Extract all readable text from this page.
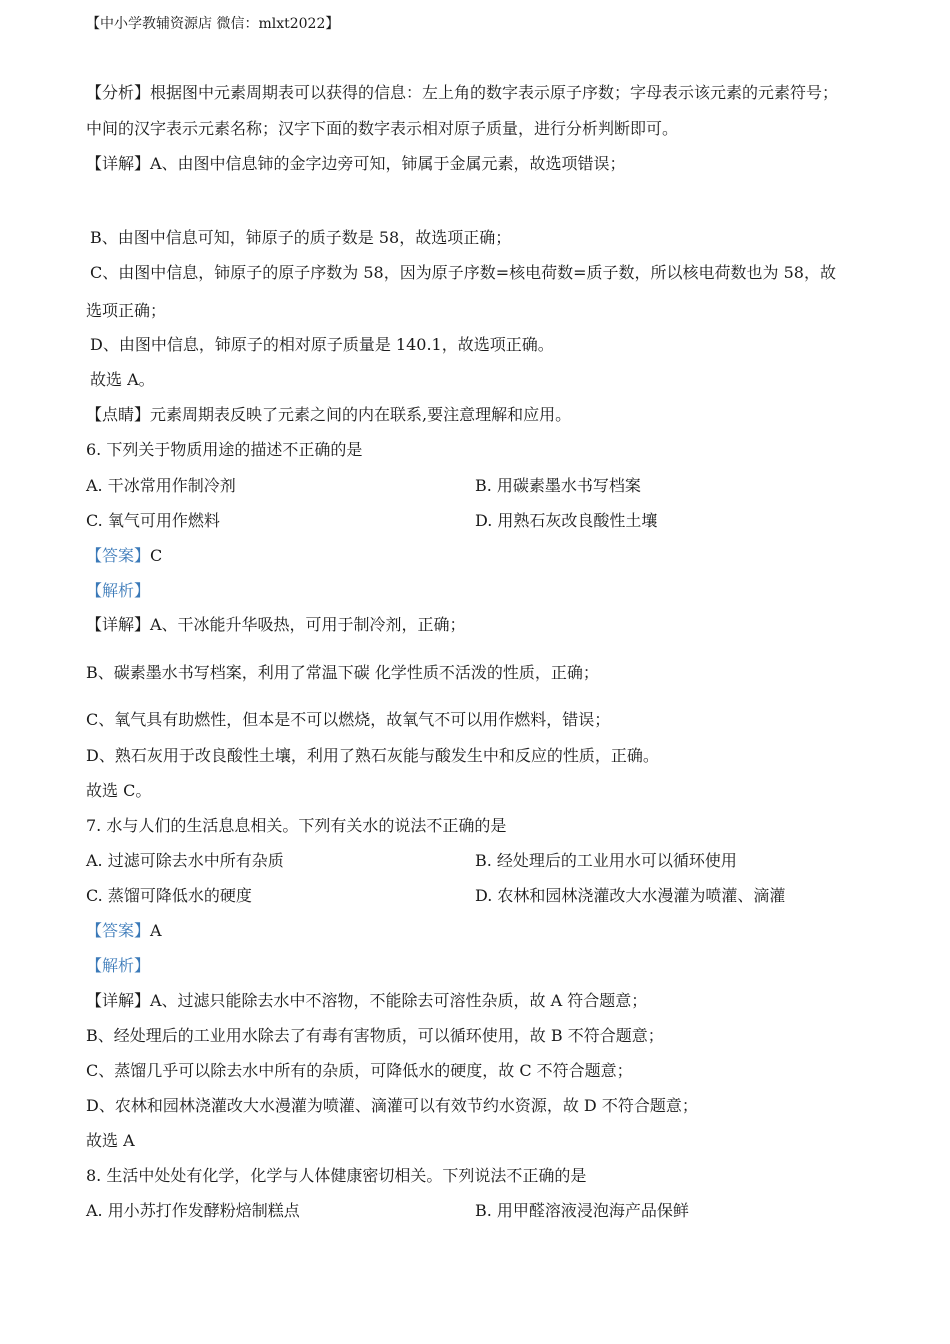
【中小学教辅资源店 微信：mlxt2022】
【分析】根据图中元素周期表可以获得的信息：左上角的数字表示原子序数；字母表示该元素的元素符号；
中间的汉字表示元素名称；汉字下面的数字表示相对原子质量，进行分析判断即可。
【详解】A、由图中信息铈的金字边旁可知，铈属于金属元素，故选项错误；
B、由图中信息可知，铈原子的质子数是 58，故选项正确；
C、由图中信息，铈原子的原子序数为 58，因为原子序数=核电荷数=质子数，所以核电荷数也为 58，故
选项正确；
D、由图中信息，铈原子的相对原子质量是 140.1，故选项正确。
故选 A。
【点睛】元素周期表反映了元素之间的内在联系,要注意理解和应用。
6. 下列关于物质用途的描述不正确的是
A. 干冰常用作制冷剂	B. 用碳素墨水书写档案
C. 氧气可用作燃料	D. 用熟石灰改良酸性土壤
【答案】C
【解析】
【详解】A、干冰能升华吸热，可用于制冷剂，正确；
B、碳素墨水书写档案，利用了常温下碳 化学性质不活泼的性质，正确；
C、氧气具有助燃性，但本是不可以燃烧，故氧气不可以用作燃料，错误；
D、熟石灰用于改良酸性土壤，利用了熟石灰能与酸发生中和反应的性质，正确。
故选 C。
7. 水与人们的生活息息相关。下列有关水的说法不正确的是
A. 过滤可除去水中所有杂质	B. 经处理后的工业用水可以循环使用
C. 蒸馏可降低水的硬度	D. 农林和园林浇灌改大水漫灌为喷灌、滴灌
【答案】A
【解析】
【详解】A、过滤只能除去水中不溶物，不能除去可溶性杂质，故 A 符合题意；
B、经处理后的工业用水除去了有毒有害物质，可以循环使用，故 B 不符合题意；
C、蒸馏几乎可以除去水中所有的杂质，可降低水的硬度，故 C 不符合题意；
D、农林和园林浇灌改大水漫灌为喷灌、滴灌可以有效节约水资源，故 D 不符合题意；
故选 A
8. 生活中处处有化学，化学与人体健康密切相关。下列说法不正确的是
A. 用小苏打作发酵粉焙制糕点	B. 用甲醛溶液浸泡海产品保鲜
